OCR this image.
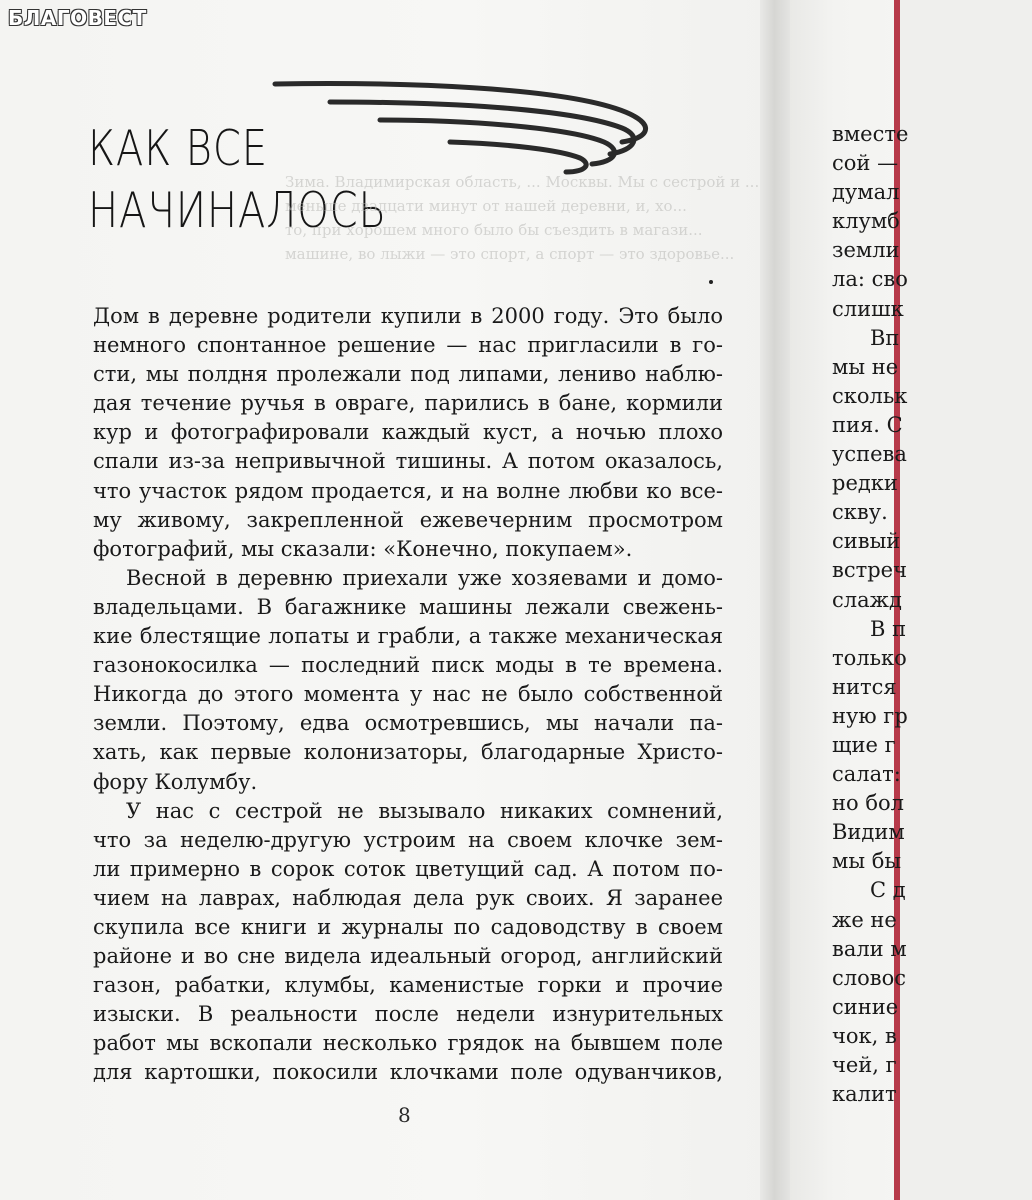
БЛАГОВЕСТ
КАК ВСЕ
НАЧИНАЛОСЬ
Зима. Владимирская область, ... Москвы. Мы с сестрой и ...
меньше двадцати минут от нашей деревни, и, хо...
то, при хорошем много было бы съездить в магази...
машине, во лыжи — это спорт, а спорт — это здоровье...
Дом в деревне родители купили в 2000 году. Это было
немного спонтанное решение — нас пригласили в го-
сти, мы полдня пролежали под липами, лениво наблю-
дая течение ручья в овраге, парились в бане, кормили
кур и фотографировали каждый куст, а ночью плохо
спали из-за непривычной тишины. А потом оказалось,
что участок рядом продается, и на волне любви ко все-
му живому, закрепленной ежевечерним просмотром
фотографий, мы сказали: «Конечно, покупаем».
Весной в деревню приехали уже хозяевами и домо-
владельцами. В багажнике машины лежали свежень-
кие блестящие лопаты и грабли, а также механическая
газонокосилка — последний писк моды в те времена.
Никогда до этого момента у нас не было собственной
земли. Поэтому, едва осмотревшись, мы начали па-
хать, как первые колонизаторы, благодарные Христо-
фору Колумбу.
У нас с сестрой не вызывало никаких сомнений,
что за неделю-другую устроим на своем клочке зем-
ли примерно в сорок соток цветущий сад. А потом по-
чием на лаврах, наблюдая дела рук своих. Я заранее
скупила все книги и журналы по садоводству в своем
районе и во сне видела идеальный огород, английский
газон, рабатки, клумбы, каменистые горки и прочие
изыски. В реальности после недели изнурительных
работ мы вскопали несколько грядок на бывшем поле
для картошки, покосили клочками поле одуванчиков,
8
вместе
сой —
думал
клумб
земли
ла: сво
слишк
Вп
мы не
скольк
пия. С
успева
редки
скву.
сивый
встреч
слажд
В п
только
нится
ную гр
щие г
салат:
но бол
Видим
мы бы
С д
же не
вали м
словос
синие
чок, в
чей, г
калит
